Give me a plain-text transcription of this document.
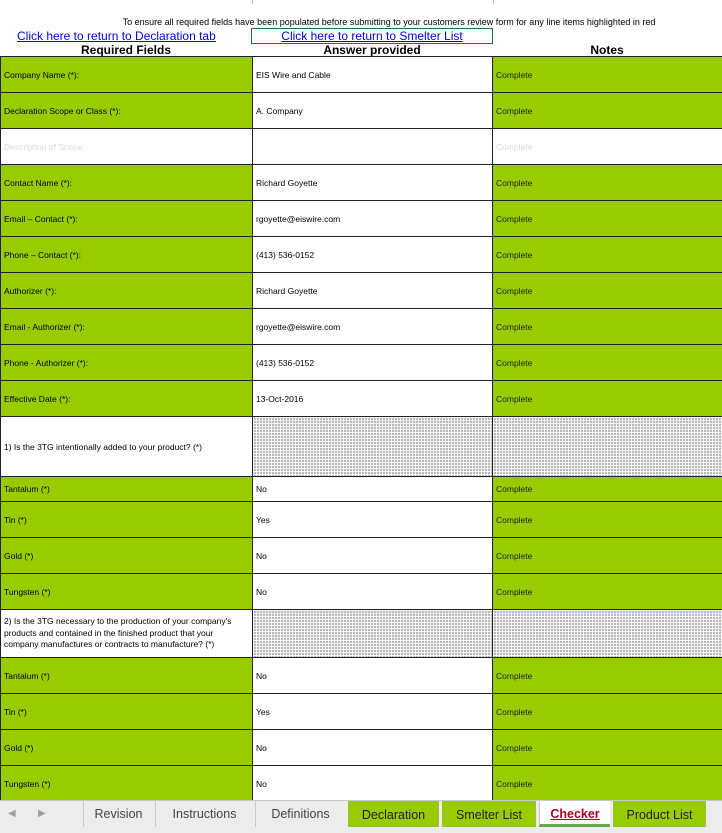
To ensure all required fields have been populated before submitting to your customers review form for any line items highlighted in red
Click here to return to Declaration tab	Click here to return to Smelter List
Required Fields	Answer provided	Notes
Company Name (*):	EIS Wire and Cable	Complete
Declaration Scope or Class (*):	A. Company	Complete
Description of Scope:		Complete
Contact Name (*):	Richard Goyette	Complete
Email – Contact (*):	rgoyette@eiswire.com	Complete
Phone – Contact (*):	(413) 536-0152	Complete
Authorizer (*):	Richard Goyette	Complete
Email - Authorizer (*):	rgoyette@eiswire.com	Complete
Phone - Authorizer (*):	(413) 536-0152	Complete
Effective Date (*):	13-Oct-2016	Complete
1) Is the 3TG intentionally added to your product? (*)		
Tantalum (*)	No	Complete
Tin (*)	Yes	Complete
Gold (*)	No	Complete
Tungsten (*)	No	Complete
2) Is the 3TG necessary to the production of your company's products and contained in the finished product that your company manufactures or contracts to manufacture? (*)		
Tantalum (*)	No	Complete
Tin (*)	Yes	Complete
Gold (*)	No	Complete
Tungsten (*)	No	Complete
◀ ▶	Revision	Instructions	Definitions	Declaration	Smelter List	Checker	Product List
